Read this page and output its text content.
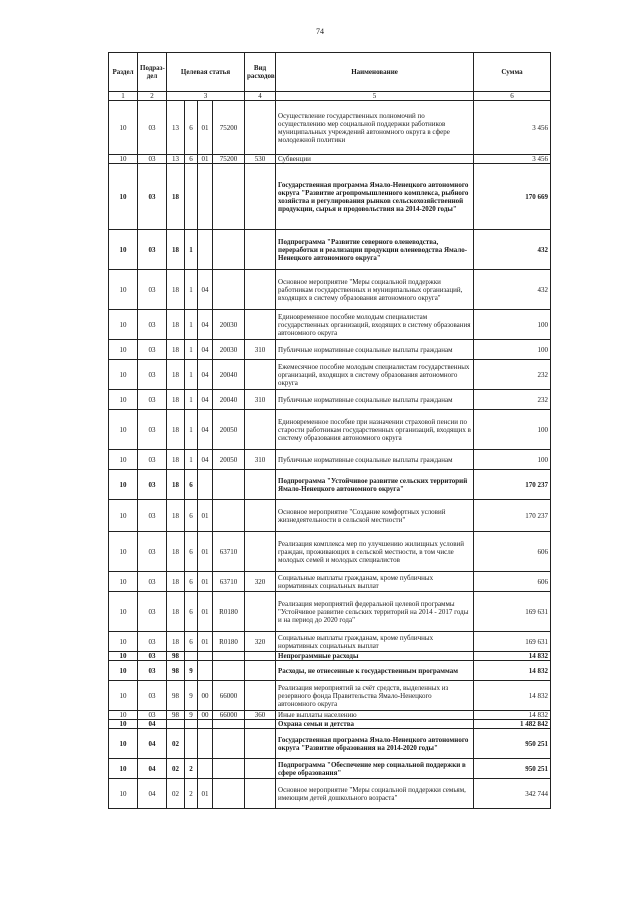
74
Раздел	Подраз-дел	Целевая статья				Вид расходов	Наименование	Сумма
1	2	3				4	5	6
10	03	13	6	01	75200		Осуществление государственных полномочий по осуществлению мер социальной поддержки работников муниципальных учреждений автономного округа в сфере молодежной политики	3 456
10	03	13	6	01	75200	530	Субвенции	3 456
10	03	18					Государственная программа Ямало-Ненецкого автономного округа "Развитие агропромышленного комплекса, рыбного хозяйства и регулирования рынков сельскохозяйственной продукции, сырья и продовольствия на 2014-2020 годы"	170 669
10	03	18	1				Подпрограмма "Развитие северного оленеводства, переработки и реализации продукции оленеводства Ямало-Ненецкого автономного округа"	432
10	03	18	1	04			Основное мероприятие "Меры социальной поддержки работникам государственных и муниципальных организаций, входящих в систему образования автономного округа"	432
10	03	18	1	04	20030		Единовременное пособие молодым специалистам государственных организаций, входящих в систему образования автономного округа	100
10	03	18	1	04	20030	310	Публичные нормативные социальные выплаты гражданам	100
10	03	18	1	04	20040		Ежемесячное пособие молодым специалистам государственных организаций, входящих в систему образования автономного округа	232
10	03	18	1	04	20040	310	Публичные нормативные социальные выплаты гражданам	232
10	03	18	1	04	20050		Единовременное пособие при назначении страховой пенсии по старости работникам государственных организаций, входящих в систему образования автономного округа	100
10	03	18	1	04	20050	310	Публичные нормативные социальные выплаты гражданам	100
10	03	18	6				Подпрограмма "Устойчивое развитие сельских территорий Ямало-Ненецкого автономного округа"	170 237
10	03	18	6	01			Основное мероприятие "Создание комфортных условий жизнедеятельности в сельской местности"	170 237
10	03	18	6	01	63710		Реализация комплекса мер по улучшению жилищных условий граждан, проживающих в сельской местности, в том числе молодых семей и молодых специалистов	606
10	03	18	6	01	63710	320	Социальные выплаты гражданам, кроме публичных нормативных социальных выплат	606
10	03	18	6	01	R0180		Реализация мероприятий федеральной целевой программы "Устойчивое развитие сельских территорий на 2014 - 2017 годы и на период до 2020 года"	169 631
10	03	18	6	01	R0180	320	Социальные выплаты гражданам, кроме публичных нормативных социальных выплат	169 631
10	03	98					Непрограммные расходы	14 832
10	03	98	9				Расходы, не отнесенные к государственным программам	14 832
10	03	98	9	00	66000		Реализация мероприятий за счёт средств, выделенных из резервного фонда Правительства Ямало-Ненецкого автономного округа	14 832
10	03	98	9	00	66000	360	Иные выплаты населению	14 832
10	04						Охрана семьи и детства	1 482 842
10	04	02					Государственная программа Ямало-Ненецкого автономного округа "Развитие образования на 2014-2020 годы"	950 251
10	04	02	2				Подпрограмма "Обеспечение мер социальной поддержки в сфере образования"	950 251
10	04	02	2	01			Основное мероприятие "Меры социальной поддержки семьям, имеющим детей дошкольного возраста"	342 744
